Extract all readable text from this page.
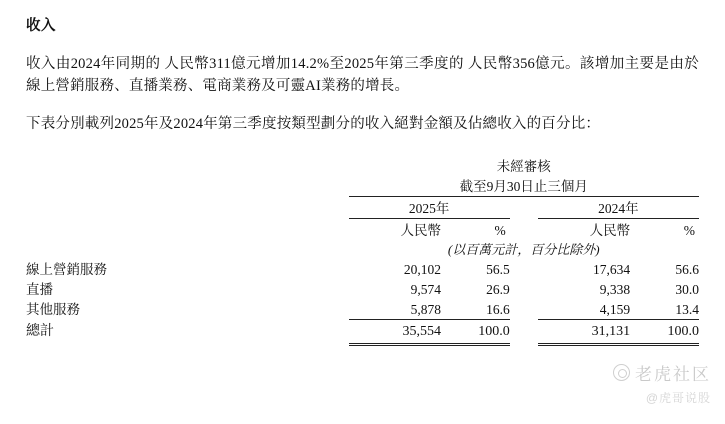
收入

收入由2024年同期的 人民幣311億元增加14.2%至2025年第三季度的 人民幣356億元。該增加主要是由於線上營銷服務、直播業務、電商業務及可靈AI業務的增長。

下表分別載列2025年及2024年第三季度按類型劃分的收入絕對金額及佔總收入的百分比：

	未經審核				
	截至9月30日止三個月				

	2025年			2024年	

	人民幣	%		人民幣	%
	(以百萬元計，百分比除外)				
線上營銷服務	20,102	56.5		17,634	56.6
直播	9,574	26.9		9,338	30.0
其他服務	5,878	16.6		4,159	13.4

總計	35,554	100.0		31,131	100.0

老虎社区
@虎哥说股
